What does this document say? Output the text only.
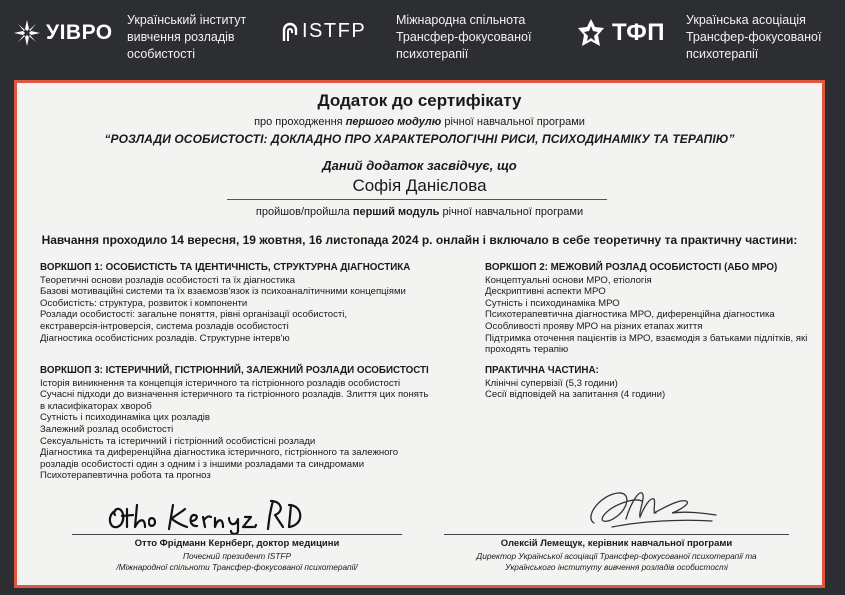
УІВРО
Український інститут
вивчення розладів
особистості
ISTFP Міжнародна спільнота
Трансфер-фокусованої
психотерапії
ТФП Українська асоціація
Трансфер-фокусованої
психотерапії
Додаток до сертифікату
про проходження першого модулю річної навчальної програми
“РОЗЛАДИ ОСОБИСТОСТІ: ДОКЛАДНО ПРО ХАРАКТЕРОЛОГІЧНІ РИСИ, ПСИХОДИНАМІКУ ТА ТЕРАПІЮ”
Даний додаток засвідчує, що
Софія Данієлова
пройшов/пройшла перший модуль річної навчальної програми
Навчання проходило 14 вересня, 19 жовтня, 16 листопада 2024 р. онлайн і включало в себе теоретичну та практичну частини:
ВОРКШОП 1: ОСОБИСТІСТЬ ТА ІДЕНТИЧНІСТЬ, СТРУКТУРНА ДІАГНОСТИКА
Теоретичні основи розладів особистості та їх діагностика
Базові мотиваційні системи та їх взаємозв'язок із психоаналітичними концепціями
Особистість: структура, розвиток і компоненти
Розлади особистості: загальне поняття, рівні організації особистості,
екстраверсія-інтроверсія, система розладів особистості
Діагностика особистісних розладів. Структурне інтерв'ю
ВОРКШОП 2: МЕЖОВИЙ РОЗЛАД ОСОБИСТОСТІ (АБО МРО)
Концептуальні основи МРО, етіологія
Дескриптивні аспекти МРО
Сутність і психодинаміка МРО
Психотерапевтична діагностика МРО, диференційна діагностика
Особливості прояву МРО на різних етапах життя
Підтримка оточення пацієнтів із МРО, взаємодія з батьками підлітків, які
проходять терапію
ВОРКШОП 3: ІСТЕРИЧНИЙ, ГІСТРІОННИЙ, ЗАЛЕЖНИЙ РОЗЛАДИ ОСОБИСТОСТІ
Історія виникнення та концепція істеричного та гістріонного розладів особистості
Сучасні підходи до визначення істеричного та гістріонного розладів. Злиття цих понять
в класифікаторах хвороб
Сутність і психодинаміка цих розладів
Залежний розлад особистості
Сексуальність та істеричний і гістріонний особистісні розлади
Діагностика та диференційна діагностика істеричного, гістріонного та залежного
розладів особистості один з одним і з іншими розладами та синдромами
Психотерапевтична робота та прогноз
ПРАКТИЧНА ЧАСТИНА:
Клінічні супервізії (5,3 години)
Сесії відповідей на запитання (4 години)
Отто Фрідманн Кернберг, доктор медицини
Почесний президент ISTFP
/Міжнародної спільноти Трансфер-фокусованої психотерапії/
Олексій Лемещук, керівник навчальної програми
Директор Української асоціації Трансфер-фокусованої психотерапії та
Українського інституту вивчення розладів особистості
